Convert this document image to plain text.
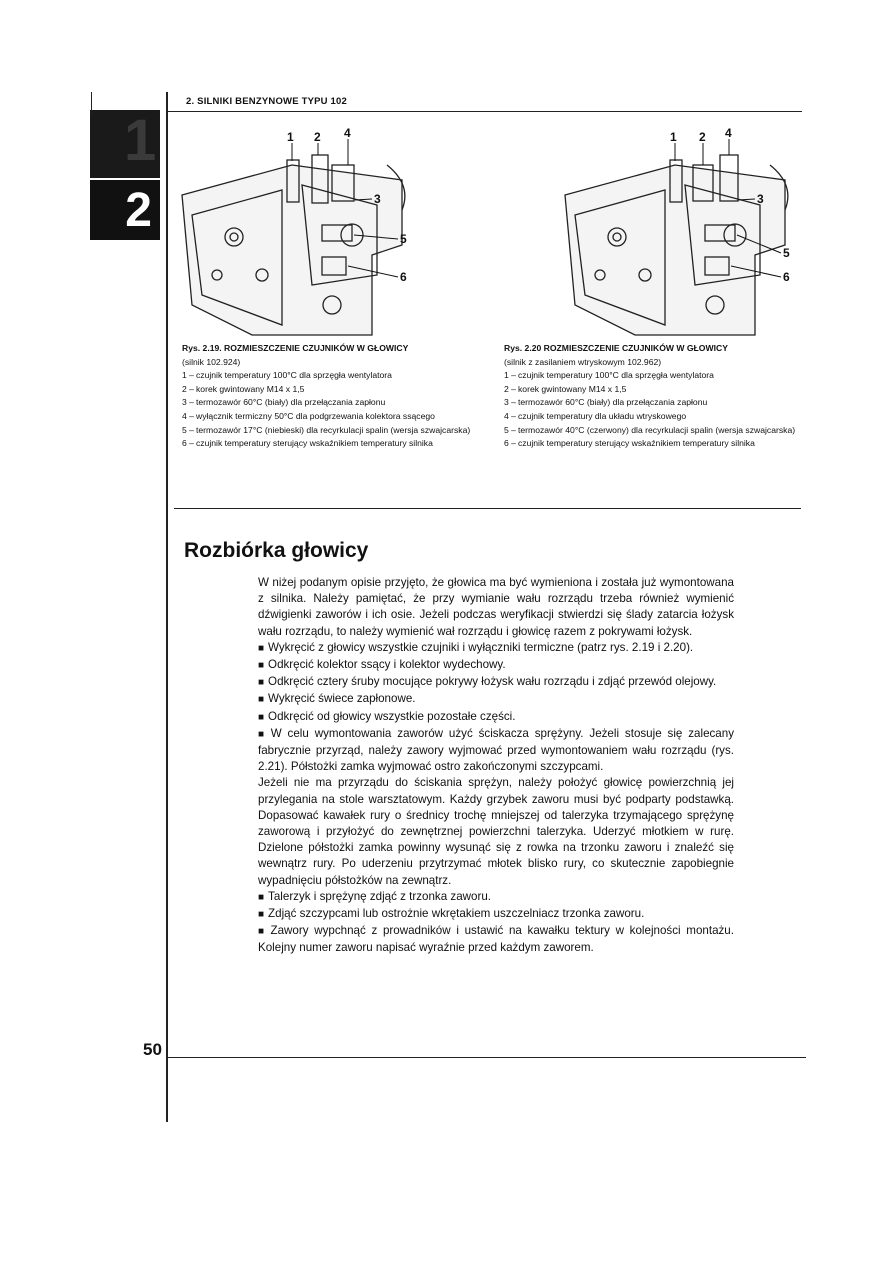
1
2
2. SILNIKI BENZYNOWE TYPU 102
1 2 4
3
5
6
1 2 4
3
5
6
Rys. 2.19. ROZMIESZCZENIE CZUJNIKÓW W GŁOWICY
(silnik 102.924)
1 – czujnik temperatury 100°C dla sprzęgła wentylatora
2 – korek gwintowany M14 x 1,5
3 – termozawór 60°C (biały) dla przełączania zapłonu
4 – wyłącznik termiczny 50°C dla podgrzewania kolektora ssącego
5 – termozawór 17°C (niebieski) dla recyrkulacji spalin (wersja szwajcarska)
6 – czujnik temperatury sterujący wskaźnikiem temperatury silnika
Rys. 2.20 ROZMIESZCZENIE CZUJNIKÓW W GŁOWICY
(silnik z zasilaniem wtryskowym 102.962)
1 – czujnik temperatury 100°C dla sprzęgła wentylatora
2 – korek gwintowany M14 x 1,5
3 – termozawór 60°C (biały) dla przełączania zapłonu
4 – czujnik temperatury dla układu wtryskowego
5 – termozawór 40°C (czerwony) dla recyrkulacji spalin (wersja szwajcarska)
6 – czujnik temperatury sterujący wskaźnikiem temperatury silnika
Rozbiórka głowicy

W niżej podanym opisie przyjęto, że głowica ma być wymieniona i została już wymontowana z silnika. Należy pamiętać, że przy wymianie wału rozrządu trzeba również wymienić dźwigienki zaworów i ich osie. Jeżeli podczas weryfikacji stwierdzi się ślady zatarcia łożysk wału rozrządu, to należy wymienić wał rozrządu i głowicę razem z pokrywami łożysk.

■ Wykręcić z głowicy wszystkie czujniki i wyłączniki termiczne (patrz rys. 2.19 i 2.20).

■ Odkręcić kolektor ssący i kolektor wydechowy.

■ Odkręcić cztery śruby mocujące pokrywy łożysk wału rozrządu i zdjąć przewód olejowy.

■ Wykręcić świece zapłonowe.

■ Odkręcić od głowicy wszystkie pozostałe części.

■ W celu wymontowania zaworów użyć ściskacza sprężyny. Jeżeli stosuje się zalecany fabrycznie przyrząd, należy zawory wyjmować przed wymontowaniem wału rozrządu (rys. 2.21). Półstożki zamka wyjmować ostro zakończonymi szczypcami.

Jeżeli nie ma przyrządu do ściskania sprężyn, należy położyć głowicę powierzchnią jej przylegania na stole warsztatowym. Każdy grzybek zaworu musi być podparty podstawką. Dopasować kawałek rury o średnicy trochę mniejszej od talerzyka trzymającego sprężynę zaworową i przyłożyć do zewnętrznej powierzchni talerzyka. Uderzyć młotkiem w rurę. Dzielone półstożki zamka powinny wysunąć się z rowka na trzonku zaworu i znaleźć się wewnątrz rury. Po uderzeniu przytrzymać młotek blisko rury, co skutecznie zapobiegnie wypadnięciu półstożków na zewnątrz.

■ Talerzyk i sprężynę zdjąć z trzonka zaworu.

■ Zdjąć szczypcami lub ostrożnie wkrętakiem uszczelniacz trzonka zaworu.

■ Zawory wypchnąć z prowadników i ustawić na kawałku tektury w kolejności montażu. Kolejny numer zaworu napisać wyraźnie przed każdym zaworem.

50
